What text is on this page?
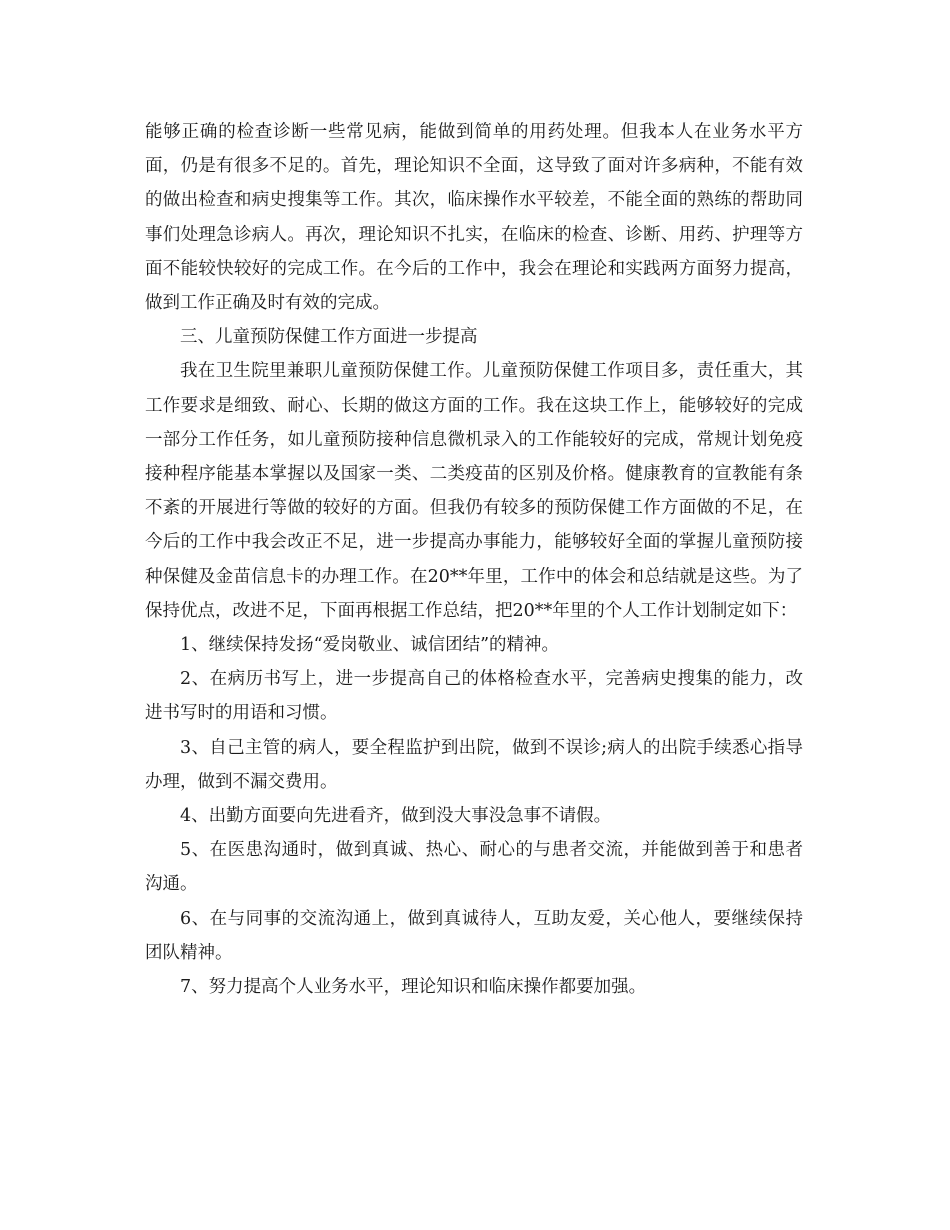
能够正确的检查诊断一些常见病，能做到简单的用药处理。但我本人在业务水平方面，仍是有很多不足的。首先，理论知识不全面，这导致了面对许多病种，不能有效的做出检查和病史搜集等工作。其次，临床操作水平较差，不能全面的熟练的帮助同事们处理急诊病人。再次，理论知识不扎实，在临床的检查、诊断、用药、护理等方面不能较快较好的完成工作。在今后的工作中，我会在理论和实践两方面努力提高，做到工作正确及时有效的完成。

三、儿童预防保健工作方面进一步提高

我在卫生院里兼职儿童预防保健工作。儿童预防保健工作项目多，责任重大，其工作要求是细致、耐心、长期的做这方面的工作。我在这块工作上，能够较好的完成一部分工作任务，如儿童预防接种信息微机录入的工作能较好的完成，常规计划免疫接种程序能基本掌握以及国家一类、二类疫苗的区别及价格。健康教育的宣教能有条不紊的开展进行等做的较好的方面。但我仍有较多的预防保健工作方面做的不足，在今后的工作中我会改正不足，进一步提高办事能力，能够较好全面的掌握儿童预防接种保健及金苗信息卡的办理工作。在20**年里，工作中的体会和总结就是这些。为了保持优点，改进不足，下面再根据工作总结，把20**年里的个人工作计划制定如下：

1、继续保持发扬“爱岗敬业、诚信团结”的精神。

2、在病历书写上，进一步提高自己的体格检查水平，完善病史搜集的能力，改进书写时的用语和习惯。

3、自己主管的病人，要全程监护到出院，做到不误诊;病人的出院手续悉心指导办理，做到不漏交费用。

4、出勤方面要向先进看齐，做到没大事没急事不请假。

5、在医患沟通时，做到真诚、热心、耐心的与患者交流，并能做到善于和患者沟通。

6、在与同事的交流沟通上，做到真诚待人，互助友爱，关心他人，要继续保持团队精神。

7、努力提高个人业务水平，理论知识和临床操作都要加强。
